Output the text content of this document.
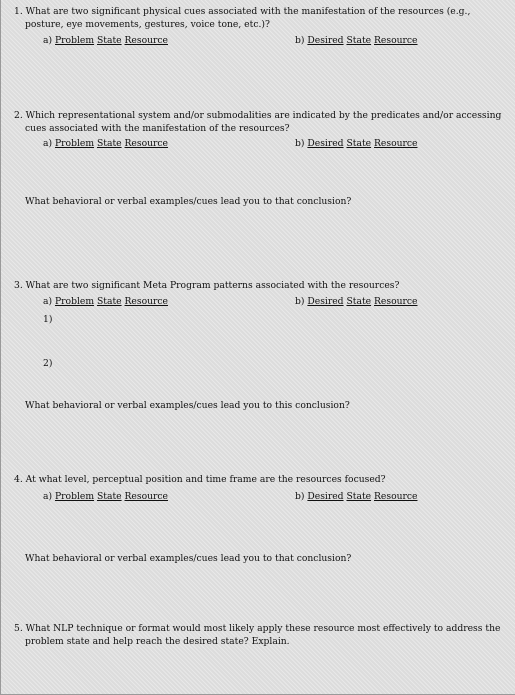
1. What are two significant physical cues associated with the manifestation of the resources (e.g.,
posture, eye movements, gestures, voice tone, etc.)?
a) Problem State Resource	b) Desired State Resource
2. Which representational system and/or submodalities are indicated by the predicates and/or accessing
cues associated with the manifestation of the resources?
a) Problem State Resource	b) Desired State Resource
What behavioral or verbal examples/cues lead you to that conclusion?
3. What are two significant Meta Program patterns associated with the resources?
a) Problem State Resource	b) Desired State Resource
1)
2)
What behavioral or verbal examples/cues lead you to this conclusion?
4. At what level, perceptual position and time frame are the resources focused?
a) Problem State Resource	b) Desired State Resource
What behavioral or verbal examples/cues lead you to that conclusion?
5. What NLP technique or format would most likely apply these resource most effectively to address the
problem state and help reach the desired state? Explain.
